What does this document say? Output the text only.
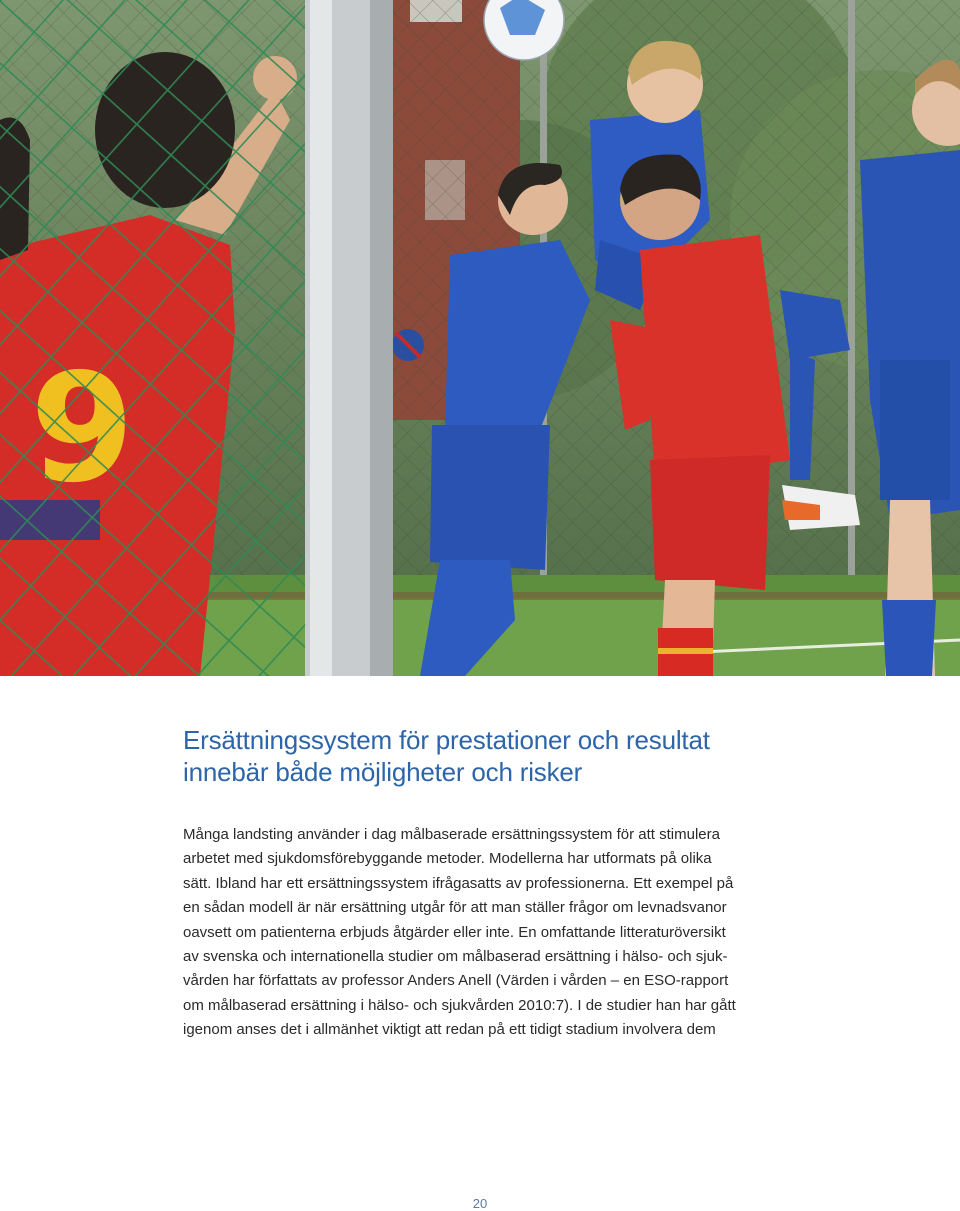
Ersättningssystem för prestationer och resultat
innebär både möjligheter och risker
Många landsting använder i dag målbaserade ersättningssystem för att stimulera
arbetet med sjukdomsförebyggande metoder. Modellerna har utformats på olika
sätt. Ibland har ett ersättningssystem ifrågasatts av professionerna. Ett exempel på
en sådan modell är när ersättning utgår för att man ställer frågor om levnadsvanor
oavsett om patienterna erbjuds åtgärder eller inte. En omfattande litteraturöversikt
av svenska och internationella studier om målbaserad ersättning i hälso- och sjuk-
vården har författats av professor Anders Anell (Värden i vården – en ESO-rapport
om målbaserad ersättning i hälso- och sjukvården 2010:7). I de studier han har gått
igenom anses det i allmänhet viktigt att redan på ett tidigt stadium involvera dem
20
